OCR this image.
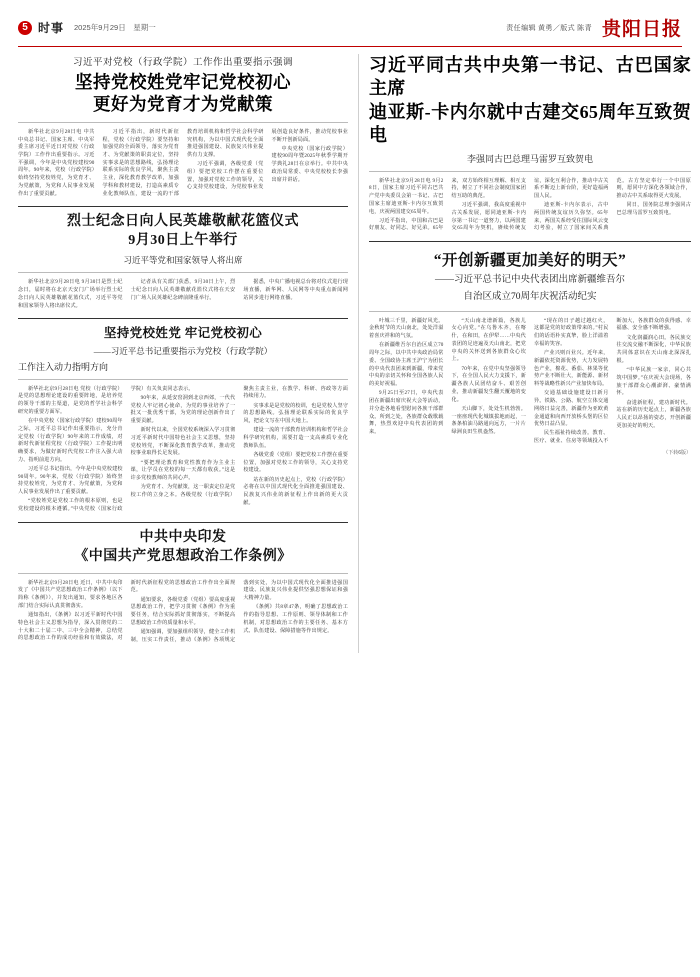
5 时事 2025年9月29日　星期一	责任编辑 黄勇／版式 陈青 贵阳日报
习近平对党校（行政学院）工作作出重要指示强调
坚持党校姓党牢记党校初心
更好为党育才为党献策

新华社北京9月28日电 中共中央总书记、国家主席、中央军委主席习近平近日对党校（行政学院）工作作出重要指示。习近平强调，今年是中央党校建校90周年。90年来，党校（行政学院）始终坚持党校姓党，为党育才、为党献策，为党和人民事业发展作出了重要贡献。

习近平指出，新时代新征程，党校（行政学院）要坚持和加强党的全面领导，落实为党育才、为党献策的职责定位，坚持实事求是的思想路线，弘扬理论联系实际的优良学风，聚焦主责主业，深化教育教学改革，加强学科和教材建设，打造高素质专业化教师队伍，建设一流的干部教育培训机构和哲学社会科学研究机构，为以中国式现代化全面推进强国建设、民族复兴伟业提供有力支撑。

习近平强调，各级党委（党组）要把党校工作摆在重要位置，加强对党校工作的领导，关心支持党校建设，为党校事业发展创造良好条件，推动党校事业不断开创新局面。

中央党校（国家行政学院）建校90周年暨2025年秋季学期开学典礼28日在京举行。中共中央政治局常委、中央党校校长李强出席并讲话。

烈士纪念日向人民英雄敬献花篮仪式
9月30日上午举行
习近平等党和国家领导人将出席

新华社北京9月28日电 9月30日是烈士纪念日，届时将在北京天安门广场举行烈士纪念日向人民英雄敬献花篮仪式，习近平等党和国家领导人将出席仪式。

记者从有关部门获悉，9月30日上午，烈士纪念日向人民英雄敬献花篮仪式将在天安门广场人民英雄纪念碑前隆重举行。

据悉，中央广播电视总台将对仪式进行现场直播，新华网、人民网等中央重点新闻网站同步进行网络直播。

坚持党校姓党 牢记党校初心
——习近平总书记重要指示为党校（行政学院）
工作注入动力指明方向

新华社北京9月28日电 党校（行政学院）是党的思想理论建设的重要阵地，是培养党的领导干部的主渠道，是党的哲学社会科学研究的重要方面军。

在中央党校（国家行政学院）建校90周年之际，习近平总书记作出重要指示，充分肯定党校（行政学院）90年来的工作成绩，对新时代新征程党校（行政学院）工作提出明确要求，为做好新时代党校工作注入强大动力、指明前进方向。

习近平总书记指出，今年是中央党校建校90周年。90年来，党校（行政学院）始终坚持党校姓党，为党育才、为党献策，为党和人民事业发展作出了重要贡献。

“党校姓党是党校工作的根本原则，也是党校建设的根本遵循。”中央党校（国家行政学院）有关负责同志表示。

90年来，从延安窑洞到北京西郊，一代代党校人牢记初心使命，为党的事业培养了一批又一批优秀干部，为党的理论创新作出了重要贡献。

新时代以来，全国党校系统深入学习贯彻习近平新时代中国特色社会主义思想，坚持党校姓党，不断深化教育教学改革，推动党校事业取得长足发展。

“要把理论教育和党性教育作为主业主课，让学员在党校的每一天都有收获。”这是许多党校教师的共同心声。

为党育才、为党献策，这一职责定位是党校工作的立身之本。各级党校（行政学院）聚焦主责主业，在教学、科研、咨政等方面持续用力。

实事求是是党校的校训，也是党校人坚守的思想路线。弘扬理论联系实际的优良学风，把论文写在中国大地上。

建设一流的干部教育培训机构和哲学社会科学研究机构，需要打造一支高素质专业化教师队伍。

各级党委（党组）要把党校工作摆在重要位置，加强对党校工作的领导，关心支持党校建设。

站在新的历史起点上，党校（行政学院）必将在以中国式现代化全面推进强国建设、民族复兴伟业的新征程上作出新的更大贡献。

中共中央印发
《中国共产党思想政治工作条例》

新华社北京9月28日电 近日，中共中央印发了《中国共产党思想政治工作条例》（以下简称《条例》），并发出通知，要求各地区各部门结合实际认真贯彻落实。

通知指出，《条例》以习近平新时代中国特色社会主义思想为指导，深入贯彻党的二十大和二十届二中、三中全会精神，总结党的思想政治工作的成功经验和有效做法，对新时代新征程党的思想政治工作作出全面规范。

通知要求，各级党委（党组）要高度重视思想政治工作，把学习贯彻《条例》作为重要任务，结合实际抓好贯彻落实，不断提高思想政治工作的质量和水平。

通知强调，要加强组织领导，健全工作机制，压实工作责任，推动《条例》各项规定落到实处，为以中国式现代化全面推进强国建设、民族复兴伟业提供坚强思想保证和强大精神力量。

《条例》共8章47条，明确了思想政治工作的指导思想、工作原则、领导体制和工作机制，对思想政治工作的主要任务、基本方式、队伍建设、保障措施等作出规定。

习近平同古共中央第一书记、古巴国家主席
迪亚斯-卡内尔就中古建交65周年互致贺电
李强同古巴总理马雷罗互致贺电

新华社北京9月28日电 9月28日，国家主席习近平同古巴共产党中央委员会第一书记、古巴国家主席迪亚斯-卡内尔互致贺电，庆祝两国建交65周年。

习近平指出，中国和古巴是好朋友、好同志、好兄弟。65年来，双方始终相互理解、相互支持，树立了不同社会制度国家团结互助的典范。

习近平强调，我高度重视中古关系发展，愿同迪亚斯-卡内尔第一书记一道努力，以两国建交65周年为契机，赓续传统友谊，深化互利合作，推动中古关系不断迈上新台阶，更好造福两国人民。

迪亚斯-卡内尔表示，古中两国传统友谊历久弥坚。65年来，两国关系经受住国际风云变幻考验，树立了国家间关系典范。古方坚定奉行一个中国原则，愿同中方深化各领域合作，推动古中关系取得更大发展。

同日，国务院总理李强同古巴总理马雷罗互致贺电。

“开创新疆更加美好的明天”
——习近平总书记中央代表团出席新疆维吾尔
自治区成立70周年庆祝活动纪实

叶城三千里，新疆好风光。金秋时节的天山南北，处处洋溢着喜庆祥和的气氛。

在新疆维吾尔自治区成立70周年之际，以中共中央政治局常委、全国政协主席王沪宁为团长的中央代表团来到新疆，带来党中央的亲切关怀和全国各族人民的美好祝福。

9月25日至27日，中央代表团在新疆出席庆祝大会等活动，并分赴各地看望慰问各族干部群众。所到之处，各族群众载歌载舞，热烈欢迎中央代表团的到来。

“天山南北谱新篇，各族儿女心向党。”在乌鲁木齐，在喀什，在和田，在伊犁……中央代表团的足迹遍及天山南北，把党中央的关怀送到各族群众心坎上。

70年来，在党中央坚强领导下，在全国人民大力支援下，新疆各族人民团结奋斗、艰苦创业，推动新疆发生翻天覆地的变化。

天山脚下，处处生机勃勃。一座座现代化城镇拔地而起，一条条柏油马路通向远方，一片片绿洲良田生机盎然。

“现在的日子越过越红火，这都是党的好政策带来的。”村民们的话语朴实真挚，脸上洋溢着幸福的笑容。

产业兴则百业兴。近年来，新疆依托资源优势，大力发展特色产业，棉花、番茄、林果等优势产业不断壮大，新能源、新材料等战略性新兴产业加快布局。

交通基础设施建设日新月异。铁路、公路、航空立体交通网络日益完善，新疆作为亚欧黄金通道和向西开放桥头堡的区位优势日益凸显。

民生福祉持续改善。教育、医疗、就业、住房等领域投入不断加大，各族群众的获得感、幸福感、安全感不断增强。

文化润疆润心田。各民族交往交流交融不断深化，中华民族共同体意识在天山南北深深扎根。

“中华民族一家亲，同心共筑中国梦。”在庆祝大会现场，各族干部群众心潮澎湃、豪情满怀。

奋进新征程，建功新时代。站在新的历史起点上，新疆各族人民正以昂扬的姿态，开创新疆更加美好的明天。

（下转6版）
